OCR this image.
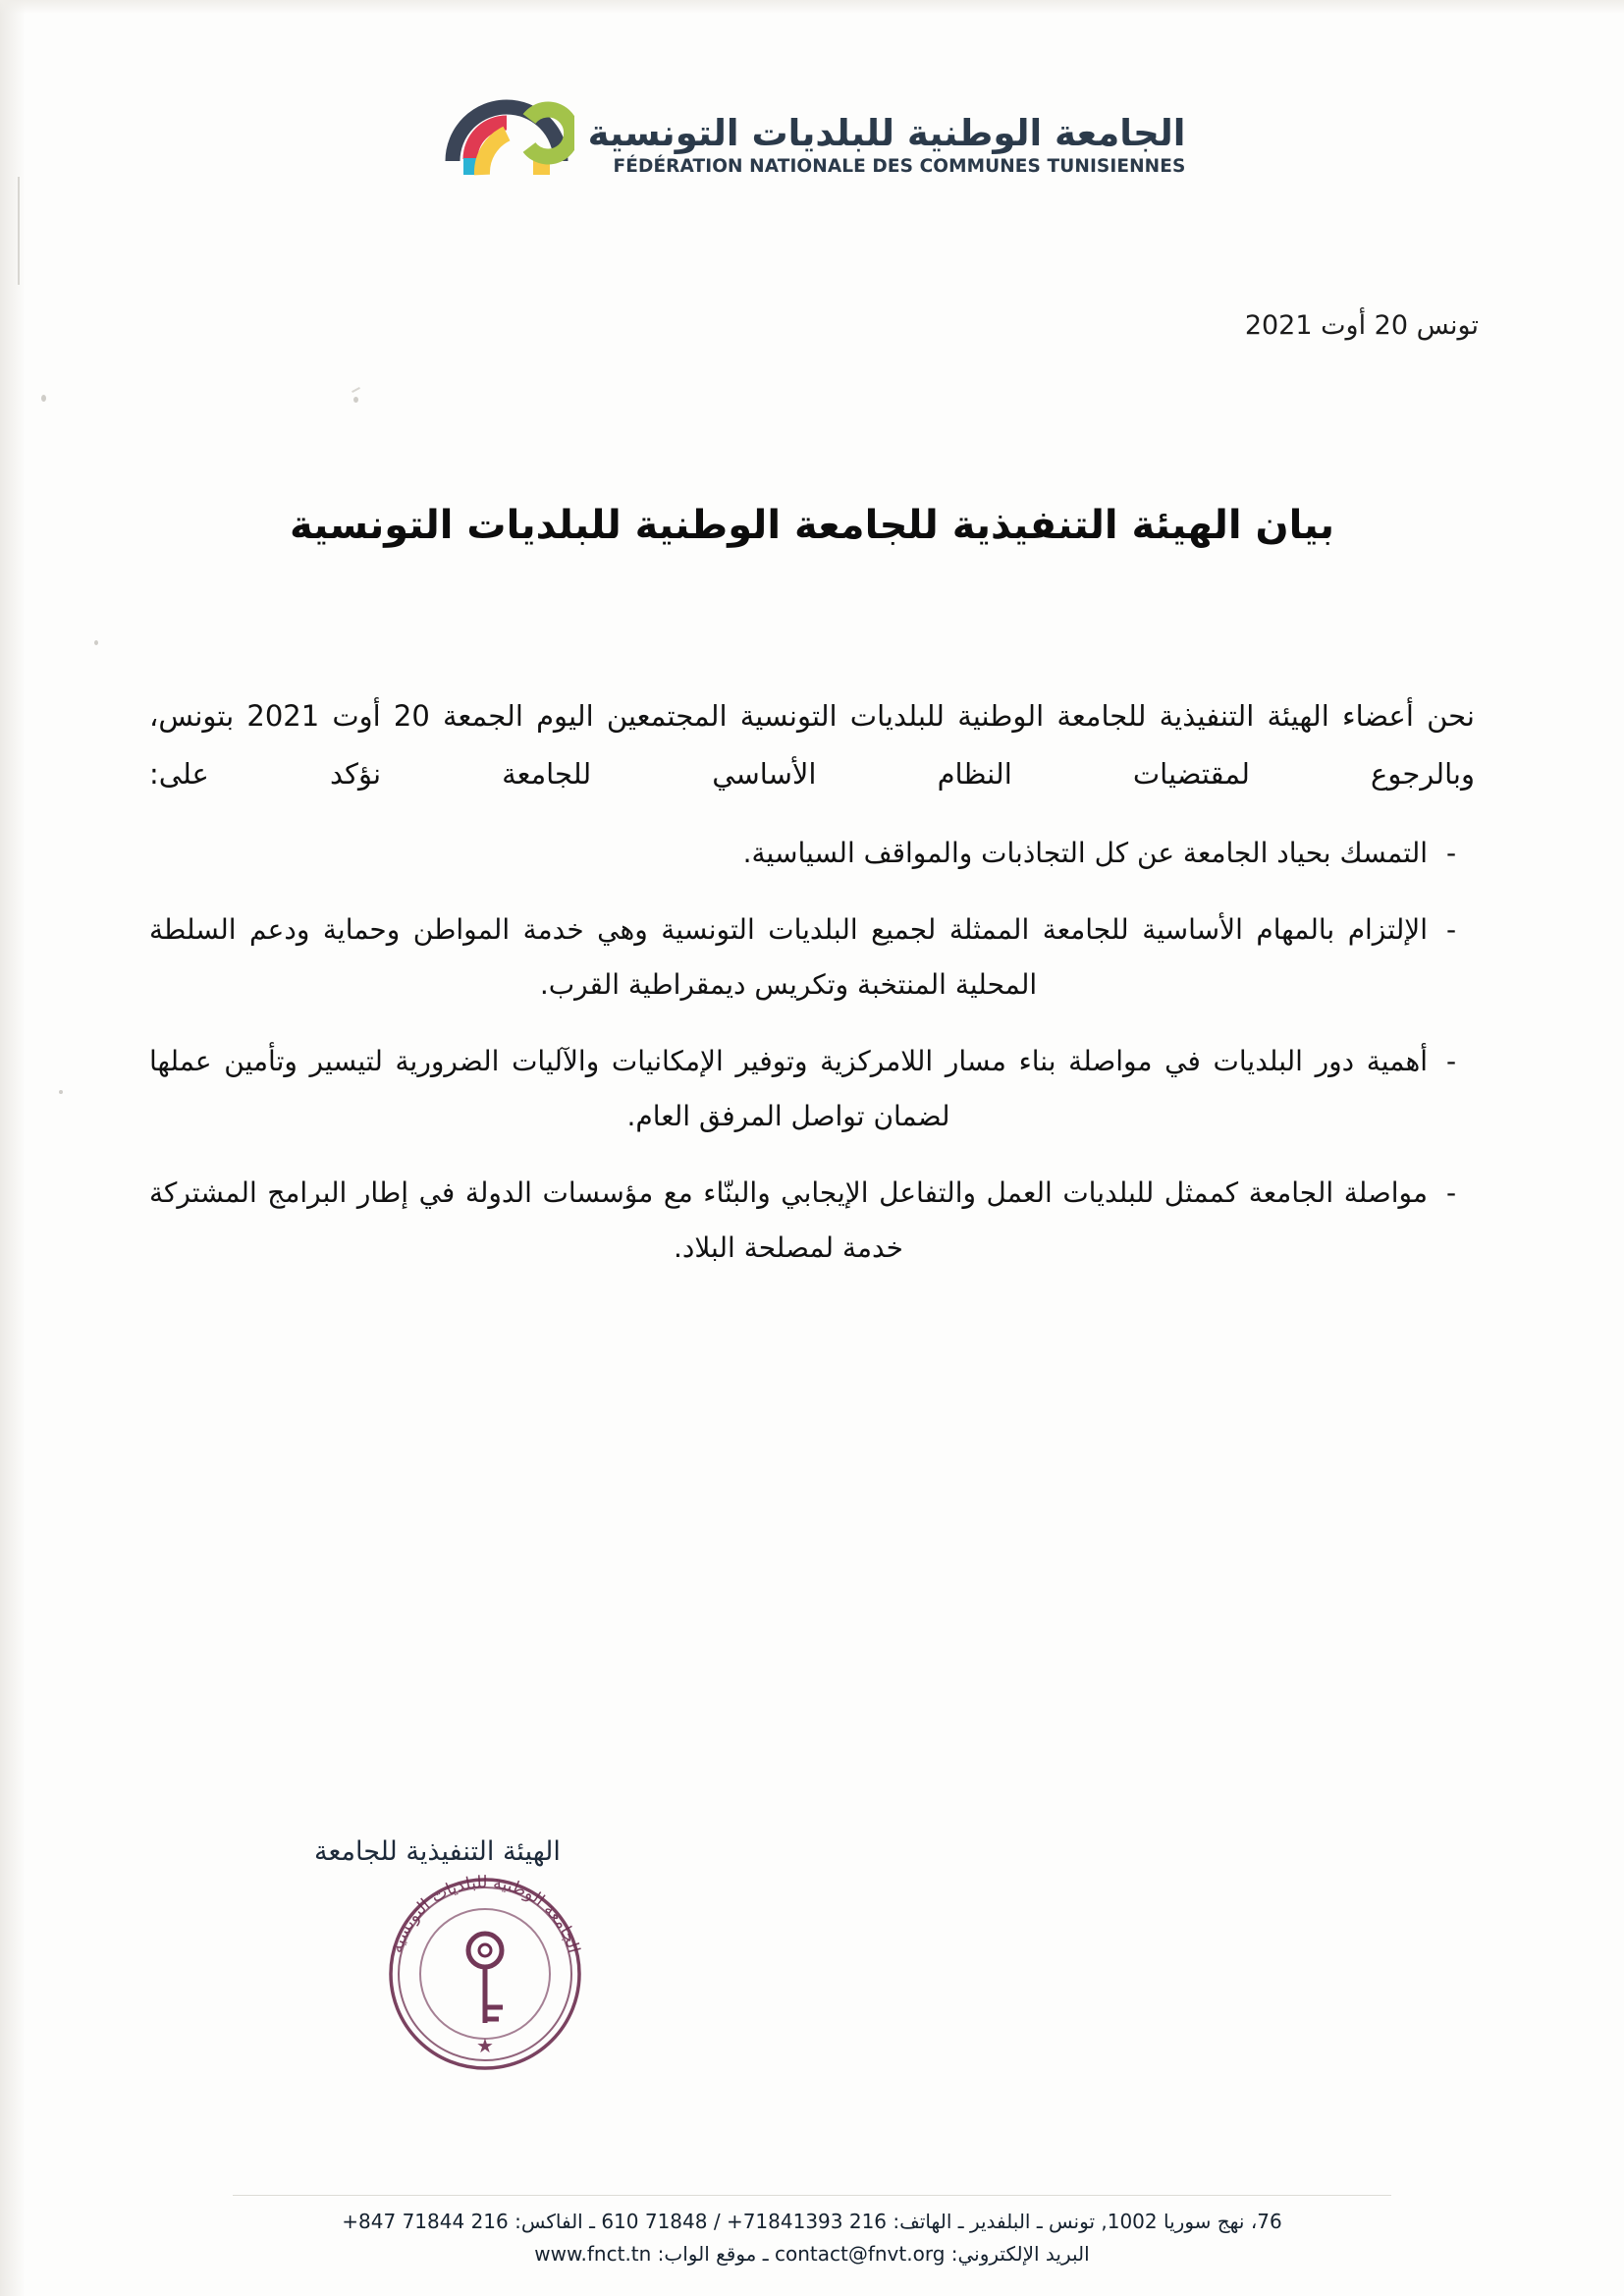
الجامعة الوطنية للبلديات التونسية
FÉDÉRATION NATIONALE DES COMMUNES TUNISIENNES
تونس 20 أوت 2021
بيان الهيئة التنفيذية للجامعة الوطنية للبلديات التونسية

نحن أعضاء الهيئة التنفيذية للجامعة الوطنية للبلديات التونسية المجتمعين اليوم الجمعة 20 أوت 2021 بتونس، وبالرجوع لمقتضيات النظام الأساسي للجامعة نؤكد على:

-
التمسك بحياد الجامعة عن كل التجاذبات والمواقف السياسية.
-
الإلتزام بالمهام الأساسية للجامعة الممثلة لجميع البلديات التونسية وهي خدمة المواطن وحماية ودعم السلطة المحلية المنتخبة وتكريس ديمقراطية القرب.
-
أهمية دور البلديات في مواصلة بناء مسار اللامركزية وتوفير الإمكانيات والآليات الضرورية لتيسير وتأمين عملها لضمان تواصل المرفق العام.
-
مواصلة الجامعة كممثل للبلديات العمل والتفاعل الإيجابي والبنّاء مع مؤسسات الدولة في إطار البرامج المشتركة خدمة لمصلحة البلاد.
الهيئة التنفيذية للجامعة
الجامعة الوطنية للبلديات التونسية
★
76، نهج سوريا 1002, تونس ـ البلفدير ـ الهاتف: 216 71841393+ / 71848 610 ـ الفاكس: 216 71844 847+
البريد الإلكتروني: contact@fnvt.org ـ موقع الواب: www.fnct.tn
